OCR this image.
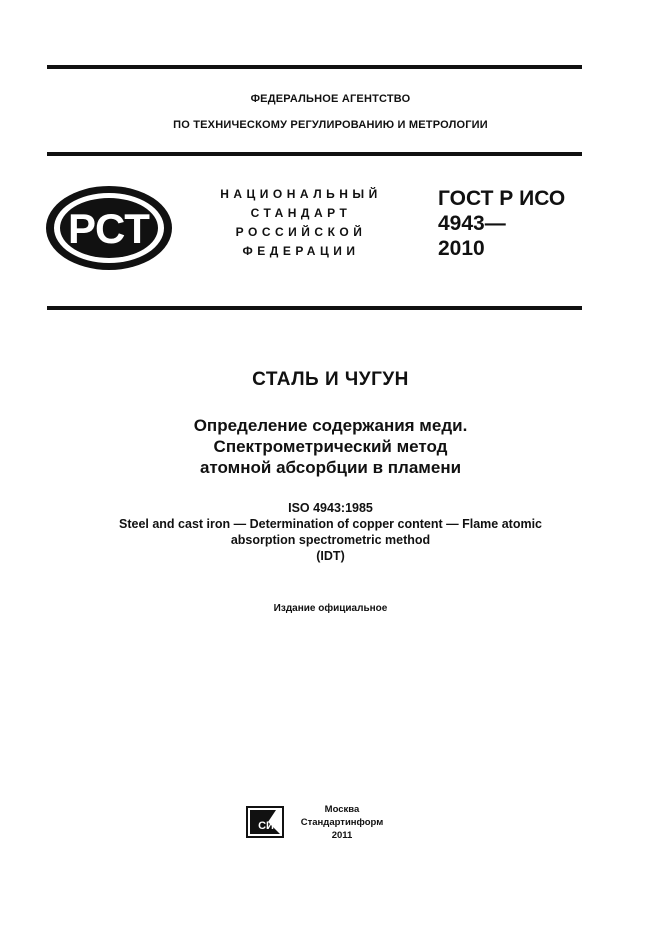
ФЕДЕРАЛЬНОЕ АГЕНТСТВО
ПО ТЕХНИЧЕСКОМУ РЕГУЛИРОВАНИЮ И МЕТРОЛОГИИ
РСТ
НАЦИОНАЛЬНЫЙ
СТАНДАРТ
РОССИЙСКОЙ
ФЕДЕРАЦИИ
ГОСТ Р ИСО
4943—
2010
СТАЛЬ И ЧУГУН
Определение содержания меди.
Спектрометрический метод
атомной абсорбции в пламени
ISO 4943:1985
Steel and cast iron — Determination of copper content — Flame atomic
absorption spectrometric method
(IDT)
Издание официальное
СИ
Москва
Стандартинформ
2011
